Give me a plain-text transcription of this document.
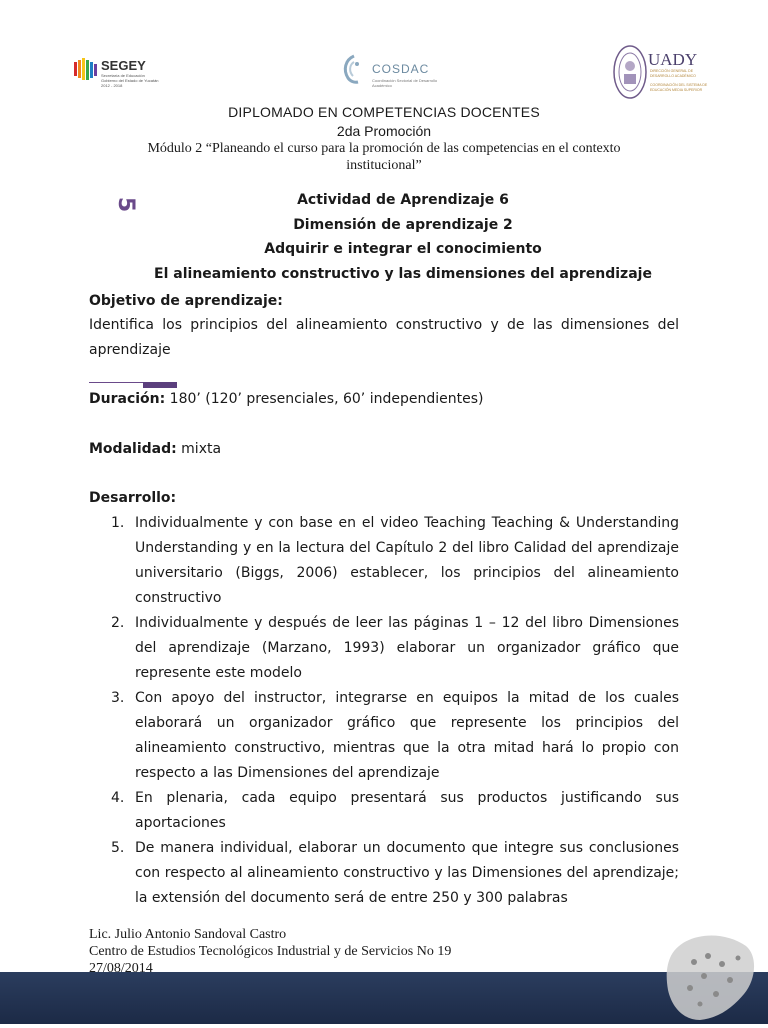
SEGEY
Secretaría de Educación
Gobierno del Estado de Yucatán
2012 - 2018
COSDAC
Coordinación Sectorial de Desarrollo Académico
UADY
DIRECCIÓN GENERAL DE DESARROLLO ACADÉMICO
COORDINACIÓN DEL SISTEMA DE EDUCACIÓN MEDIA SUPERIOR
DIPLOMADO EN COMPETENCIAS DOCENTES
2da Promoción
Módulo 2 “Planeando el curso para la promoción de las competencias en el contexto institucional”
5	Actividad de Aprendizaje 6
Dimensión de aprendizaje 2
Adquirir e integrar el conocimiento
El alineamiento constructivo y las dimensiones del aprendizaje
Objetivo de aprendizaje:
Identifica los principios del alineamiento constructivo y de las dimensiones del aprendizaje
Duración: 180’ (120’ presenciales, 60’ independientes)
Modalidad: mixta
Desarrollo:
1. Individualmente y con base en el video Teaching Teaching & Understanding Understanding y en la lectura del Capítulo 2 del libro Calidad del aprendizaje universitario (Biggs, 2006) establecer, los principios del alineamiento constructivo
2. Individualmente y después de leer las páginas 1 – 12 del libro Dimensiones del aprendizaje (Marzano, 1993) elaborar un organizador gráfico que represente este modelo
3. Con apoyo del instructor, integrarse en equipos la mitad de los cuales elaborará un organizador gráfico que represente los principios del alineamiento constructivo, mientras que la otra mitad hará lo propio con respecto a las Dimensiones del aprendizaje
4. En plenaria, cada equipo presentará sus productos justificando sus aportaciones
5. De manera individual, elaborar un documento que integre sus conclusiones con respecto al alineamiento constructivo y las Dimensiones del aprendizaje; la extensión del documento será de entre 250 y 300 palabras
Lic. Julio Antonio Sandoval Castro
Centro de Estudios Tecnológicos Industrial y de Servicios No 19
27/08/2014
